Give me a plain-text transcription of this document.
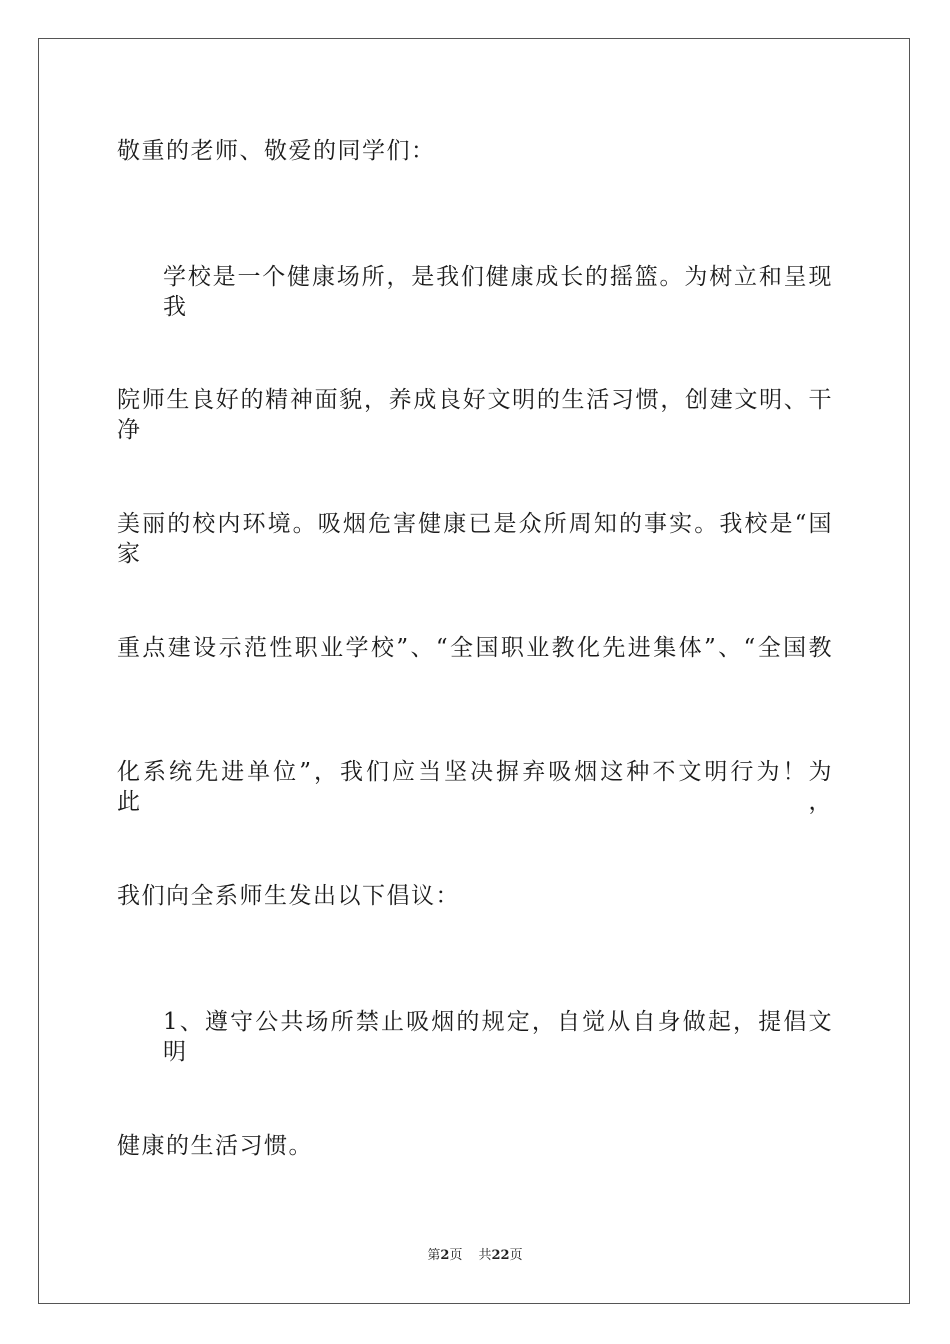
敬重的老师、敬爱的同学们：
学校是一个健康场所，是我们健康成长的摇篮。为树立和呈现我
院师生良好的精神面貌，养成良好文明的生活习惯，创建文明、干净
美丽的校内环境。吸烟危害健康已是众所周知的事实。我校是“国家
重点建设示范性职业学校”、“全国职业教化先进集体”、“全国教
化系统先进单位”，我们应当坚决摒弃吸烟这种不文明行为！为此，
我们向全系师生发出以下倡议：
1、遵守公共场所禁止吸烟的规定，自觉从自身做起，提倡文明
健康的生活习惯。
第2页 共22页
